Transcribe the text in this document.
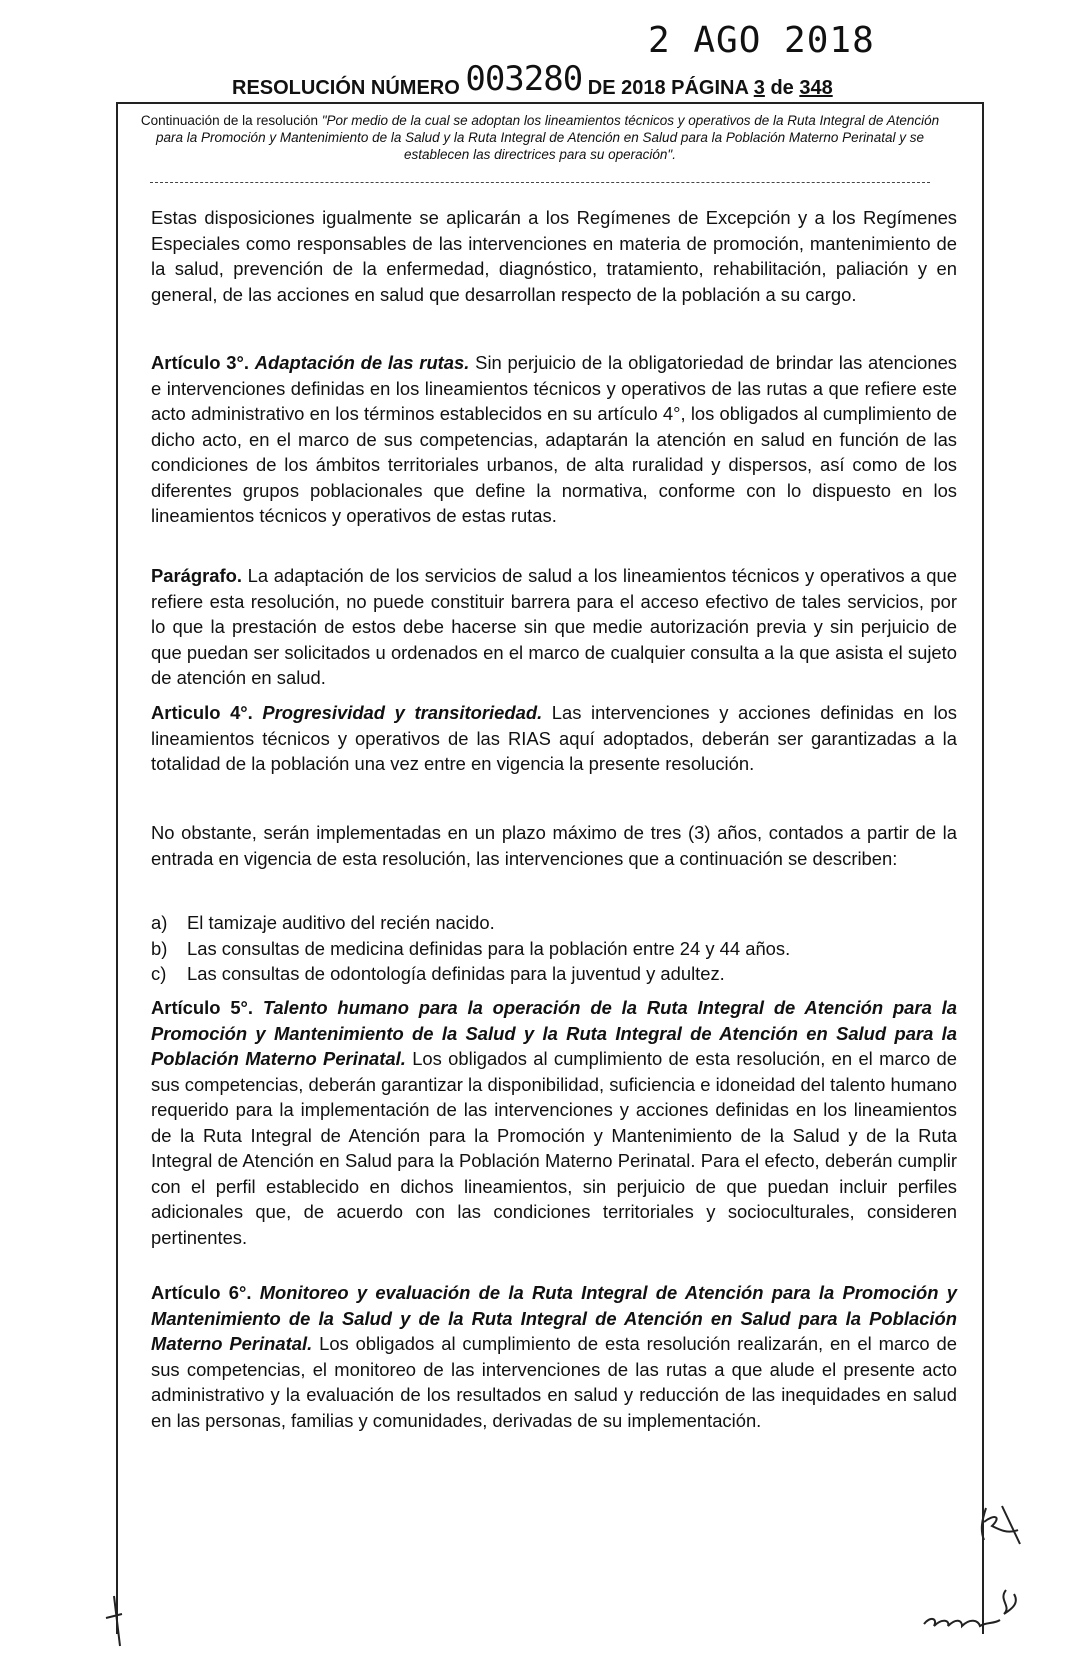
2 AGO 2018
RESOLUCIÓN NÚMERO 003280 DE 2018 PÁGINA 3 de 348
Continuación de la resolución "Por medio de la cual se adoptan los lineamientos técnicos y operativos de la Ruta Integral de Atención para la Promoción y Mantenimiento de la Salud y la Ruta Integral de Atención en Salud para la Población Materno Perinatal y se establecen las directrices para su operación".
Estas disposiciones igualmente se aplicarán a los Regímenes de Excepción y a los Regímenes Especiales como responsables de las intervenciones en materia de promoción, mantenimiento de la salud, prevención de la enfermedad, diagnóstico, tratamiento, rehabilitación, paliación y en general, de las acciones en salud que desarrollan respecto de la población a su cargo.
Artículo 3°. Adaptación de las rutas. Sin perjuicio de la obligatoriedad de brindar las atenciones e intervenciones definidas en los lineamientos técnicos y operativos de las rutas a que refiere este acto administrativo en los términos establecidos en su artículo 4°, los obligados al cumplimiento de dicho acto, en el marco de sus competencias, adaptarán la atención en salud en función de las condiciones de los ámbitos territoriales urbanos, de alta ruralidad y dispersos, así como de los diferentes grupos poblacionales que define la normativa, conforme con lo dispuesto en los lineamientos técnicos y operativos de estas rutas.
Parágrafo. La adaptación de los servicios de salud a los lineamientos técnicos y operativos a que refiere esta resolución, no puede constituir barrera para el acceso efectivo de tales servicios, por lo que la prestación de estos debe hacerse sin que medie autorización previa y sin perjuicio de que puedan ser solicitados u ordenados en el marco de cualquier consulta a la que asista el sujeto de atención en salud.
Articulo 4°. Progresividad y transitoriedad. Las intervenciones y acciones definidas en los lineamientos técnicos y operativos de las RIAS aquí adoptados, deberán ser garantizadas a la totalidad de la población una vez entre en vigencia la presente resolución.
No obstante, serán implementadas en un plazo máximo de tres (3) años, contados a partir de la entrada en vigencia de esta resolución, las intervenciones que a continuación se describen:
a)	El tamizaje auditivo del recién nacido.
b)	Las consultas de medicina definidas para la población entre 24 y 44 años.
c)	Las consultas de odontología definidas para la juventud y adultez.
Artículo 5°. Talento humano para la operación de la Ruta Integral de Atención para la Promoción y Mantenimiento de la Salud y la Ruta Integral de Atención en Salud para la Población Materno Perinatal. Los obligados al cumplimiento de esta resolución, en el marco de sus competencias, deberán garantizar la disponibilidad, suficiencia e idoneidad del talento humano requerido para la implementación de las intervenciones y acciones definidas en los lineamientos de la Ruta Integral de Atención para la Promoción y Mantenimiento de la Salud y de la Ruta Integral de Atención en Salud para la Población Materno Perinatal. Para el efecto, deberán cumplir con el perfil establecido en dichos lineamientos, sin perjuicio de que puedan incluir perfiles adicionales que, de acuerdo con las condiciones territoriales y socioculturales, consideren pertinentes.
Artículo 6°. Monitoreo y evaluación de la Ruta Integral de Atención para la Promoción y Mantenimiento de la Salud y de la Ruta Integral de Atención en Salud para la Población Materno Perinatal. Los obligados al cumplimiento de esta resolución realizarán, en el marco de sus competencias, el monitoreo de las intervenciones de las rutas a que alude el presente acto administrativo y la evaluación de los resultados en salud y reducción de las inequidades en salud en las personas, familias y comunidades, derivadas de su implementación.
